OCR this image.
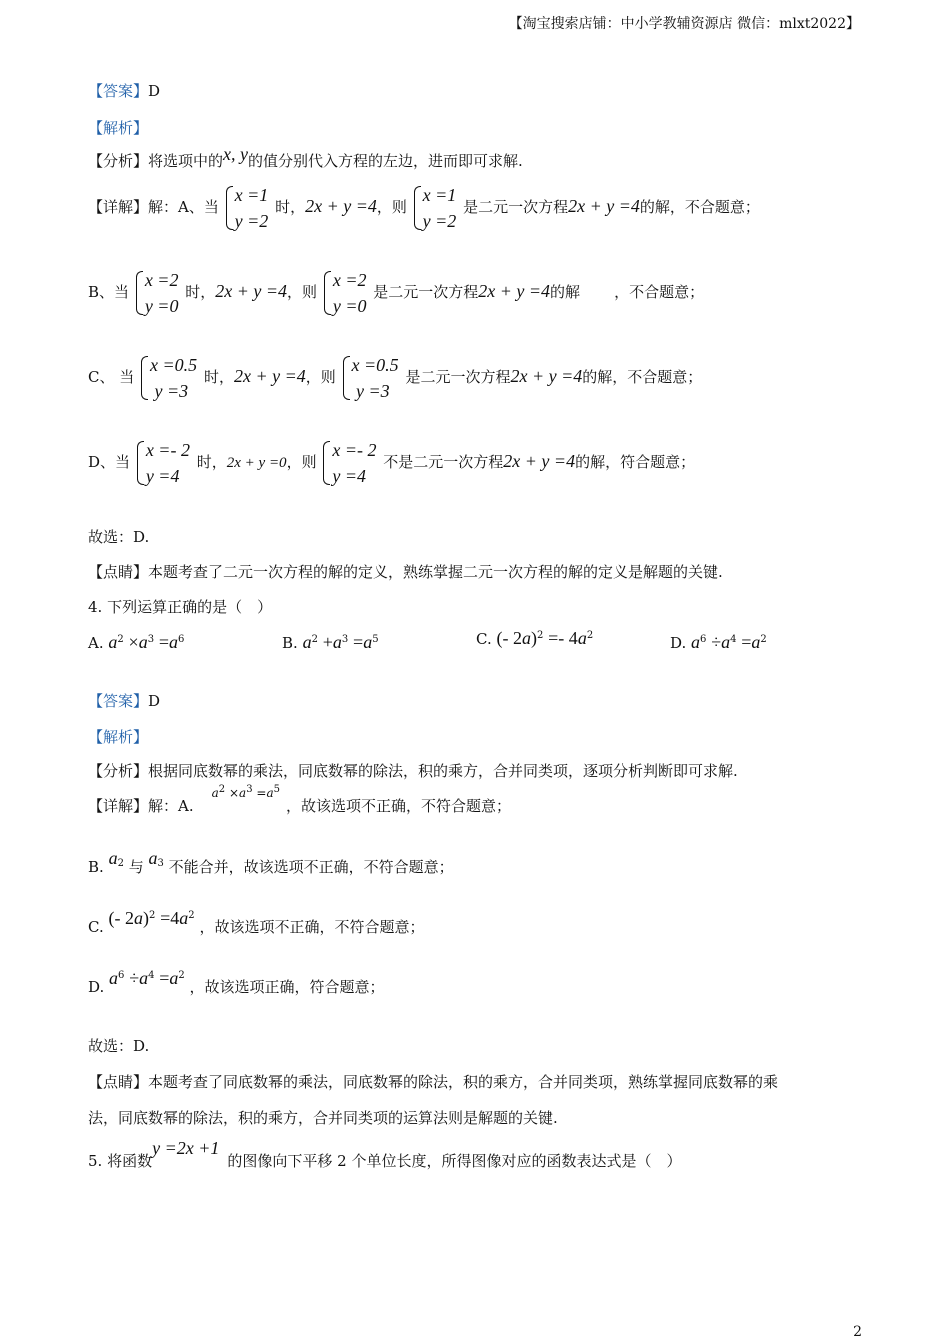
【淘宝搜索店铺：中小学教辅资源店 微信：mlxt2022】
【答案】D
【解析】
【分析】将选项中的x, y的值分别代入方程的左边，进而即可求解.
【详解】解：A、当
x =1
y =2
时，2x + y =4，则
x =1
y =2
是二元一次方程2x + y =4的解，不合题意；
B、当
x =2
y =0
时，2x + y =4，则
x =2
y =0
是二元一次方程2x + y =4的解 ，不合题意；
C、 当
x =0.5
y =3
时，2x + y =4，则
x =0.5
y =3
是二元一次方程2x + y =4的解，不合题意；
D、当
x =- 2
y =4
时，2x + y =0，则
x =- 2
y =4
不是二元一次方程2x + y =4的解，符合题意；
故选：D.
【点睛】本题考查了二元一次方程的解的定义，熟练掌握二元一次方程的解的定义是解题的关键.
4. 下列运算正确的是（　）
A. $a^2 \times a^3 =a^6$	B. $a^2 +a^3 =a^5$	C. (- $2a)^2 =- 4a^2$	D. $a^6 \div a^4 =a^2$
【答案】D
【解析】
【分析】根据同底数幂的乘法，同底数幂的除法，积的乘方，合并同类项，逐项分析判断即可求解.
【详解】解：A.$^{a^2 \times a^3 =a^5}$，故该选项不正确，不符合题意；
B. $a^2$ 与 $a^3$ 不能合并，故该选项不正确，不符合题意；
C. (- $2a)^2 =4a^2$ ，故该选项不正确，不符合题意；
D. $a^6 \div a^4 =a^2$ ，故该选项正确，符合题意；
故选：D.
【点睛】本题考查了同底数幂的乘法，同底数幂的除法，积的乘方，合并同类项，熟练掌握同底数幂的乘
法，同底数幂的除法，积的乘方，合并同类项的运算法则是解题的关键.
5. 将函数y =2x +1的图像向下平移 2 个单位长度，所得图像对应的函数表达式是（　）
2
